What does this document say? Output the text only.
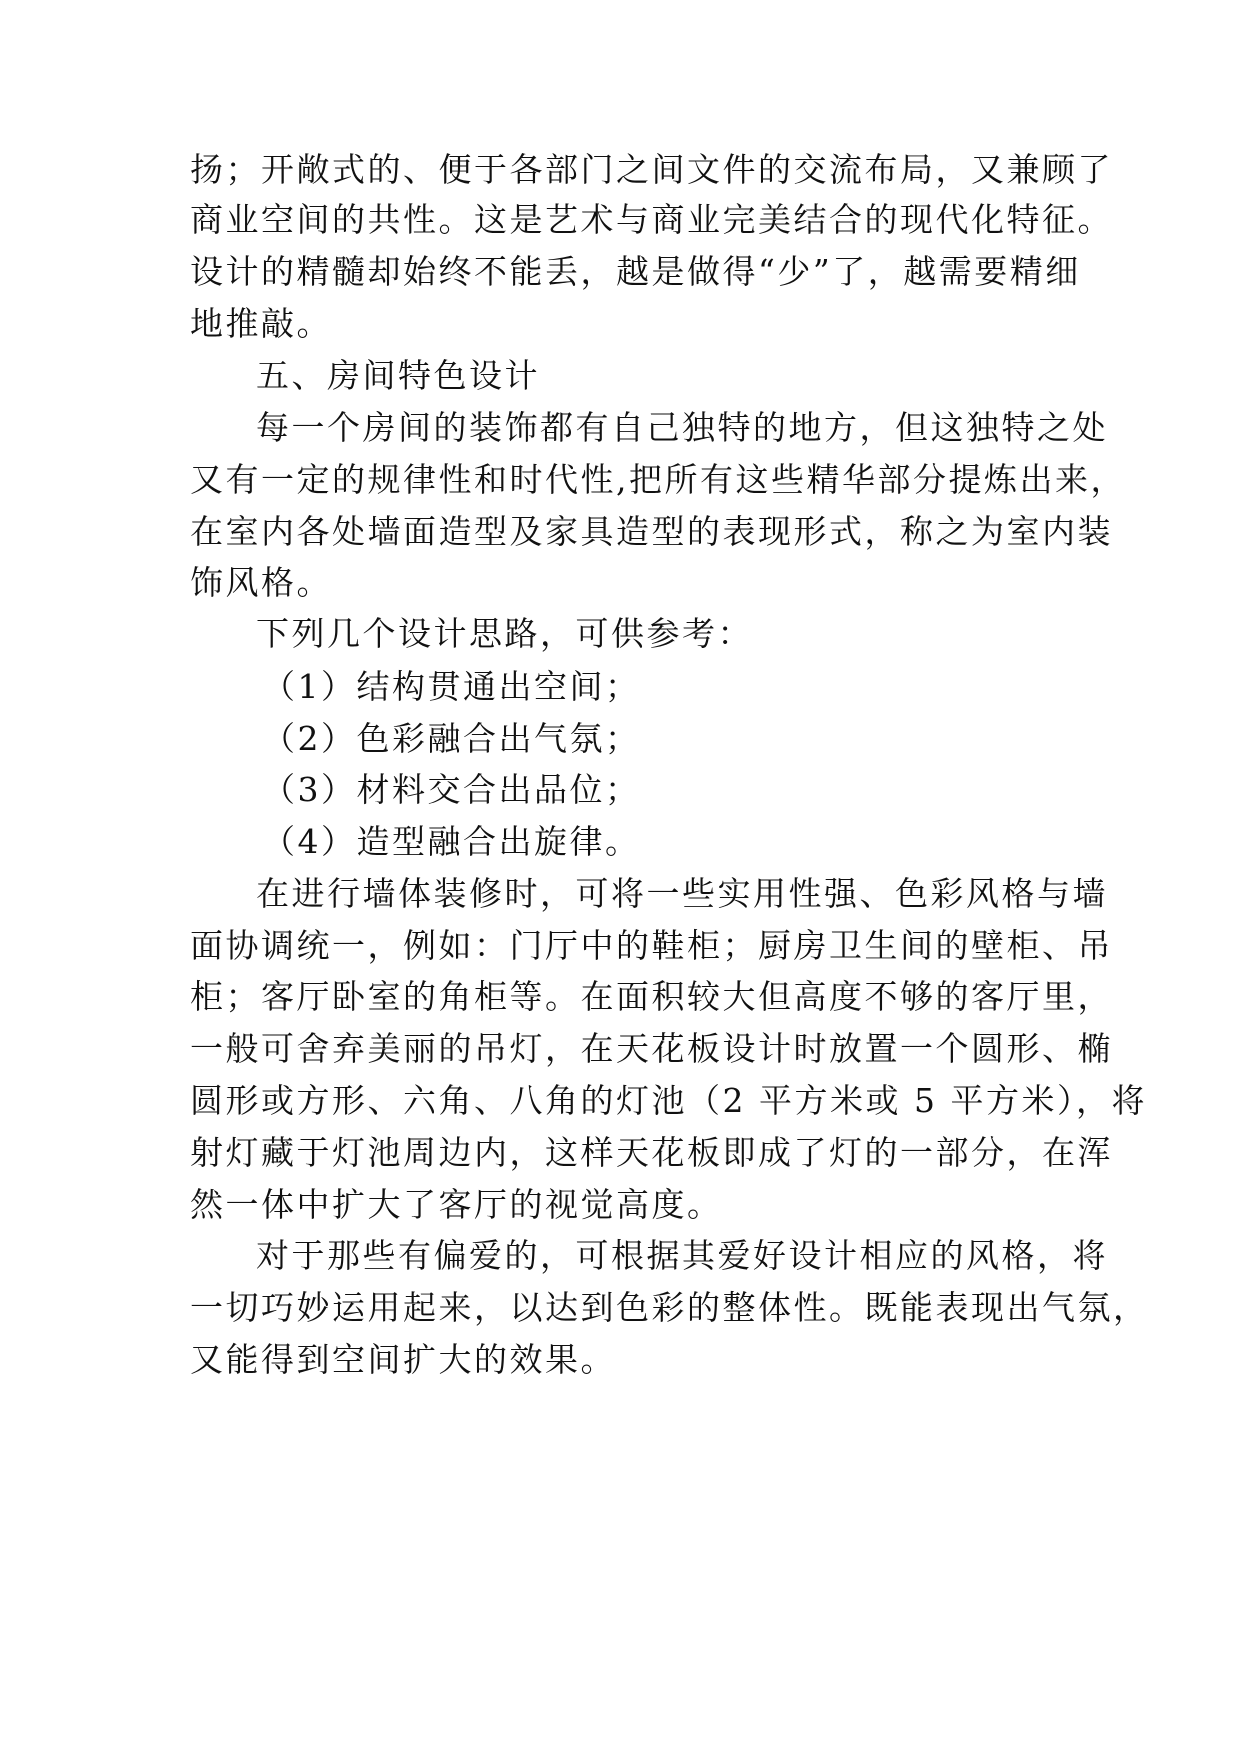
扬；开敞式的、便于各部门之间文件的交流布局，又兼顾了
商业空间的共性。这是艺术与商业完美结合的现代化特征。
设计的精髓却始终不能丢，越是做得“少”了，越需要精细
地推敲。
五、房间特色设计
每一个房间的装饰都有自己独特的地方，但这独特之处
又有一定的规律性和时代性,把所有这些精华部分提炼出来，
在室内各处墙面造型及家具造型的表现形式，称之为室内装
饰风格。
下列几个设计思路，可供参考：
（1）结构贯通出空间；
（2）色彩融合出气氛；
（3）材料交合出品位；
（4）造型融合出旋律。
在进行墙体装修时，可将一些实用性强、色彩风格与墙
面协调统一，例如：门厅中的鞋柜；厨房卫生间的壁柜、吊
柜；客厅卧室的角柜等。在面积较大但高度不够的客厅里，
一般可舍弃美丽的吊灯，在天花板设计时放置一个圆形、椭
圆形或方形、六角、八角的灯池（2 平方米或 5 平方米），将
射灯藏于灯池周边内，这样天花板即成了灯的一部分，在浑
然一体中扩大了客厅的视觉高度。
对于那些有偏爱的，可根据其爱好设计相应的风格，将
一切巧妙运用起来，以达到色彩的整体性。既能表现出气氛，
又能得到空间扩大的效果。
